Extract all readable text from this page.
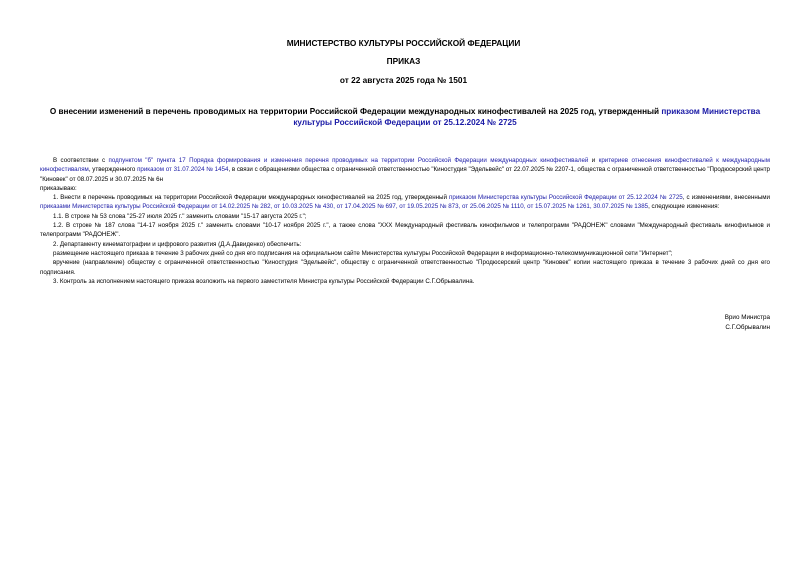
МИНИСТЕРСТВО КУЛЬТУРЫ РОССИЙСКОЙ ФЕДЕРАЦИИ
ПРИКАЗ
от 22 августа 2025 года № 1501
О внесении изменений в перечень проводимых на территории Российской Федерации международных кинофестивалей на 2025 год, утвержденный приказом Министерства культуры Российской Федерации от 25.12.2024 № 2725

В соответствии с подпунктом "б" пункта 17 Порядка формирования и изменения перечня проводимых на территории Российской Федерации международных кинофестивалей и критериев отнесения кинофестивалей к международным кинофестивалям, утвержденного приказом от 31.07.2024 № 1454, в связи с обращениями общества с ограниченной ответственностью "Киностудия "Эдельвейс" от 22.07.2025 № 2207-1, общества с ограниченной ответственностью "Продюсерский центр "Киновек" от 08.07.2025 и 30.07.2025 № 6н

приказываю:

1. Внести в перечень проводимых на территории Российской Федерации международных кинофестивалей на 2025 год, утвержденный приказом Министерства культуры Российской Федерации от 25.12.2024 № 2725, с изменениями, внесенными приказами Министерства культуры Российской Федерации от 14.02.2025 № 282, от 10.03.2025 № 430, от 17.04.2025 № 697, от 19.05.2025 № 873, от 25.06.2025 № 1110, от 15.07.2025 № 1261, 30.07.2025 № 1385, следующие изменения:

1.1. В строке № 53 слова "25-27 июля 2025 г." заменить словами "15-17 августа 2025 г.";

1.2. В строке № 187 слова "14-17 ноября 2025 г." заменить словами "10-17 ноября 2025 г.", а также слова "XXX Международный фестиваль кинофильмов и телепрограмм "РАДОНЕЖ" словами "Международный фестиваль кинофильмов и телепрограмм "РАДОНЕЖ".

2. Департаменту кинематографии и цифрового развития (Д.А.Давиденко) обеспечить:

размещение настоящего приказа в течение 3 рабочих дней со дня его подписания на официальном сайте Министерства культуры Российской Федерации в информационно-телекоммуникационной сети "Интернет";

вручение (направление) обществу с ограниченной ответственностью "Киностудия "Эдельвейс", обществу с ограниченной ответственностью "Продюсерский центр "Киновек" копии настоящего приказа в течение 3 рабочих дней со дня его подписания.

3. Контроль за исполнением настоящего приказа возложить на первого заместителя Министра культуры Российской Федерации С.Г.Обрывалина.

Врио Министра
С.Г.Обрывалин
